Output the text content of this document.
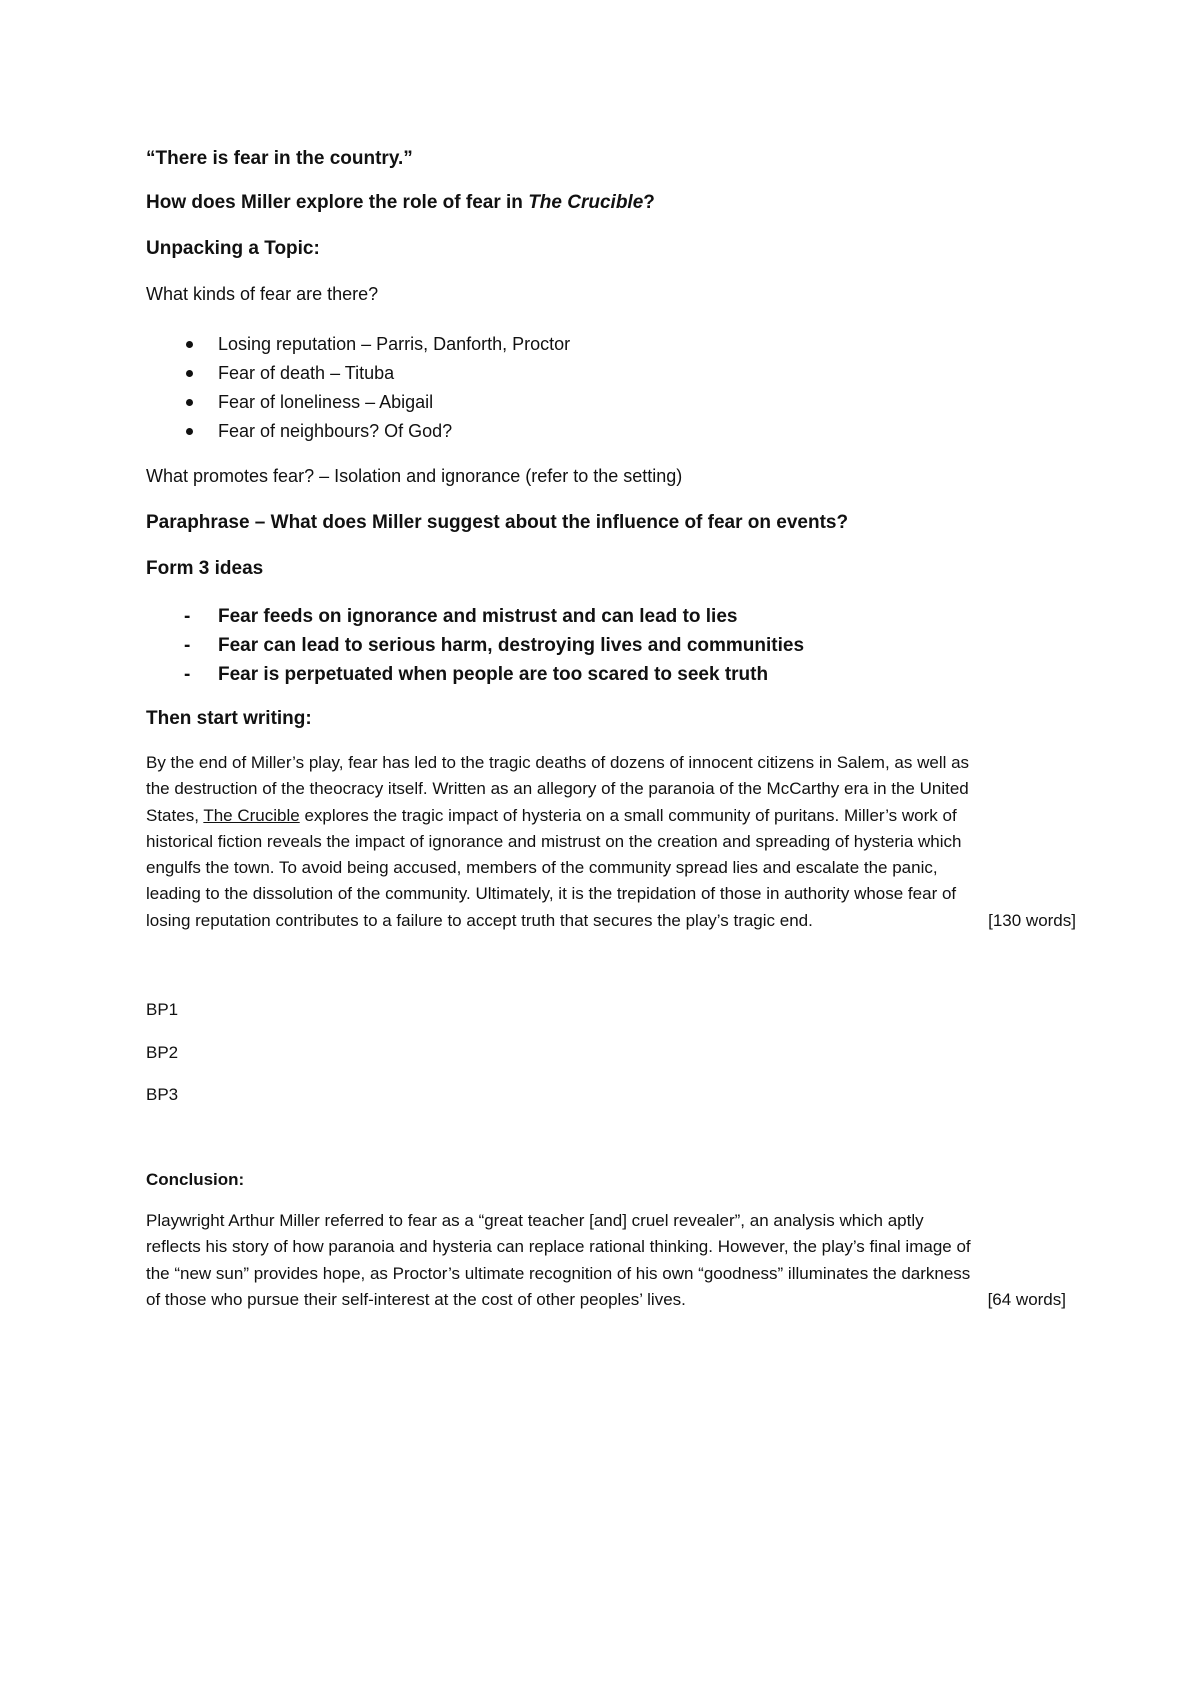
“There is fear in the country.”
How does Miller explore the role of fear in The Crucible?
Unpacking a Topic:
What kinds of fear are there?
Losing reputation – Parris, Danforth, Proctor
Fear of death – Tituba
Fear of loneliness – Abigail
Fear of neighbours? Of God?
What promotes fear? – Isolation and ignorance (refer to the setting)
Paraphrase – What does Miller suggest about the influence of fear on events?
Form 3 ideas
- Fear feeds on ignorance and mistrust and can lead to lies
- Fear can lead to serious harm, destroying lives and communities
- Fear is perpetuated when people are too scared to seek truth
Then start writing:
By the end of Miller’s play, fear has led to the tragic deaths of dozens of innocent citizens in Salem, as well as
the destruction of the theocracy itself. Written as an allegory of the paranoia of the McCarthy era in the United
States, The Crucible explores the tragic impact of hysteria on a small community of puritans. Miller’s work of
historical fiction reveals the impact of ignorance and mistrust on the creation and spreading of hysteria which
engulfs the town. To avoid being accused, members of the community spread lies and escalate the panic,
leading to the dissolution of the community. Ultimately, it is the trepidation of those in authority whose fear of
losing reputation contributes to a failure to accept truth that secures the play’s tragic end.	[130 words]
BP1
BP2
BP3
Conclusion:
Playwright Arthur Miller referred to fear as a “great teacher [and] cruel revealer”, an analysis which aptly
reflects his story of how paranoia and hysteria can replace rational thinking. However, the play’s final image of
the “new sun” provides hope, as Proctor’s ultimate recognition of his own “goodness” illuminates the darkness
of those who pursue their self-interest at the cost of other peoples’ lives.	[64 words]
